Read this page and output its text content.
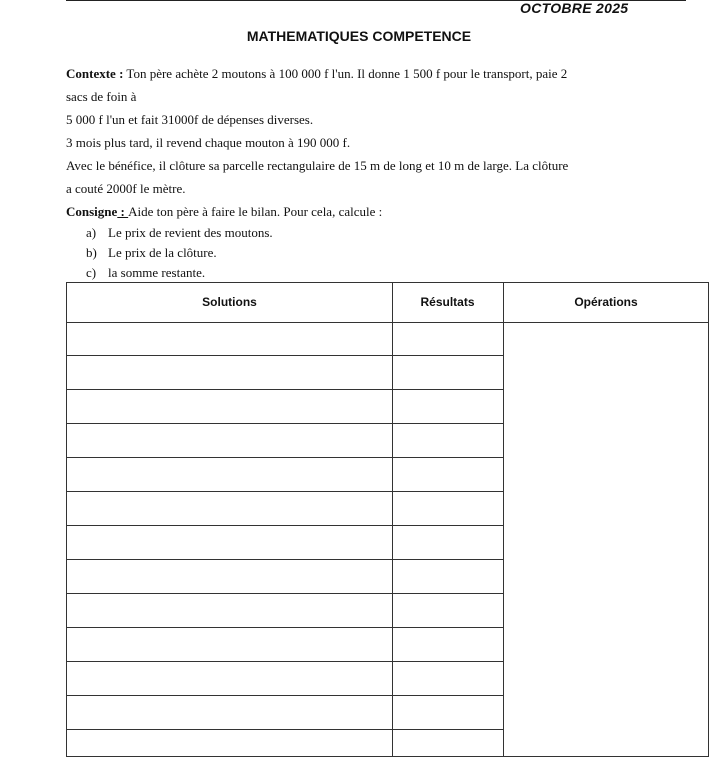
OCTOBRE 2025
MATHEMATIQUES COMPETENCE
Contexte : Ton père achète 2 moutons à 100 000 f l'un. Il donne 1 500 f pour le transport, paie 2
sacs de foin à
5 000 f l'un et fait 31000f de dépenses diverses.
3 mois plus tard, il revend chaque mouton à 190 000 f.
Avec le bénéfice, il clôture sa parcelle rectangulaire de 15 m de long et 10 m de large. La clôture
a couté 2000f le mètre.
Consigne : Aide ton père à faire le bilan. Pour cela, calcule :
a) Le prix de revient des moutons.
b) Le prix de la clôture.
c) la somme restante.
Solutions	Résultats	Opérations
